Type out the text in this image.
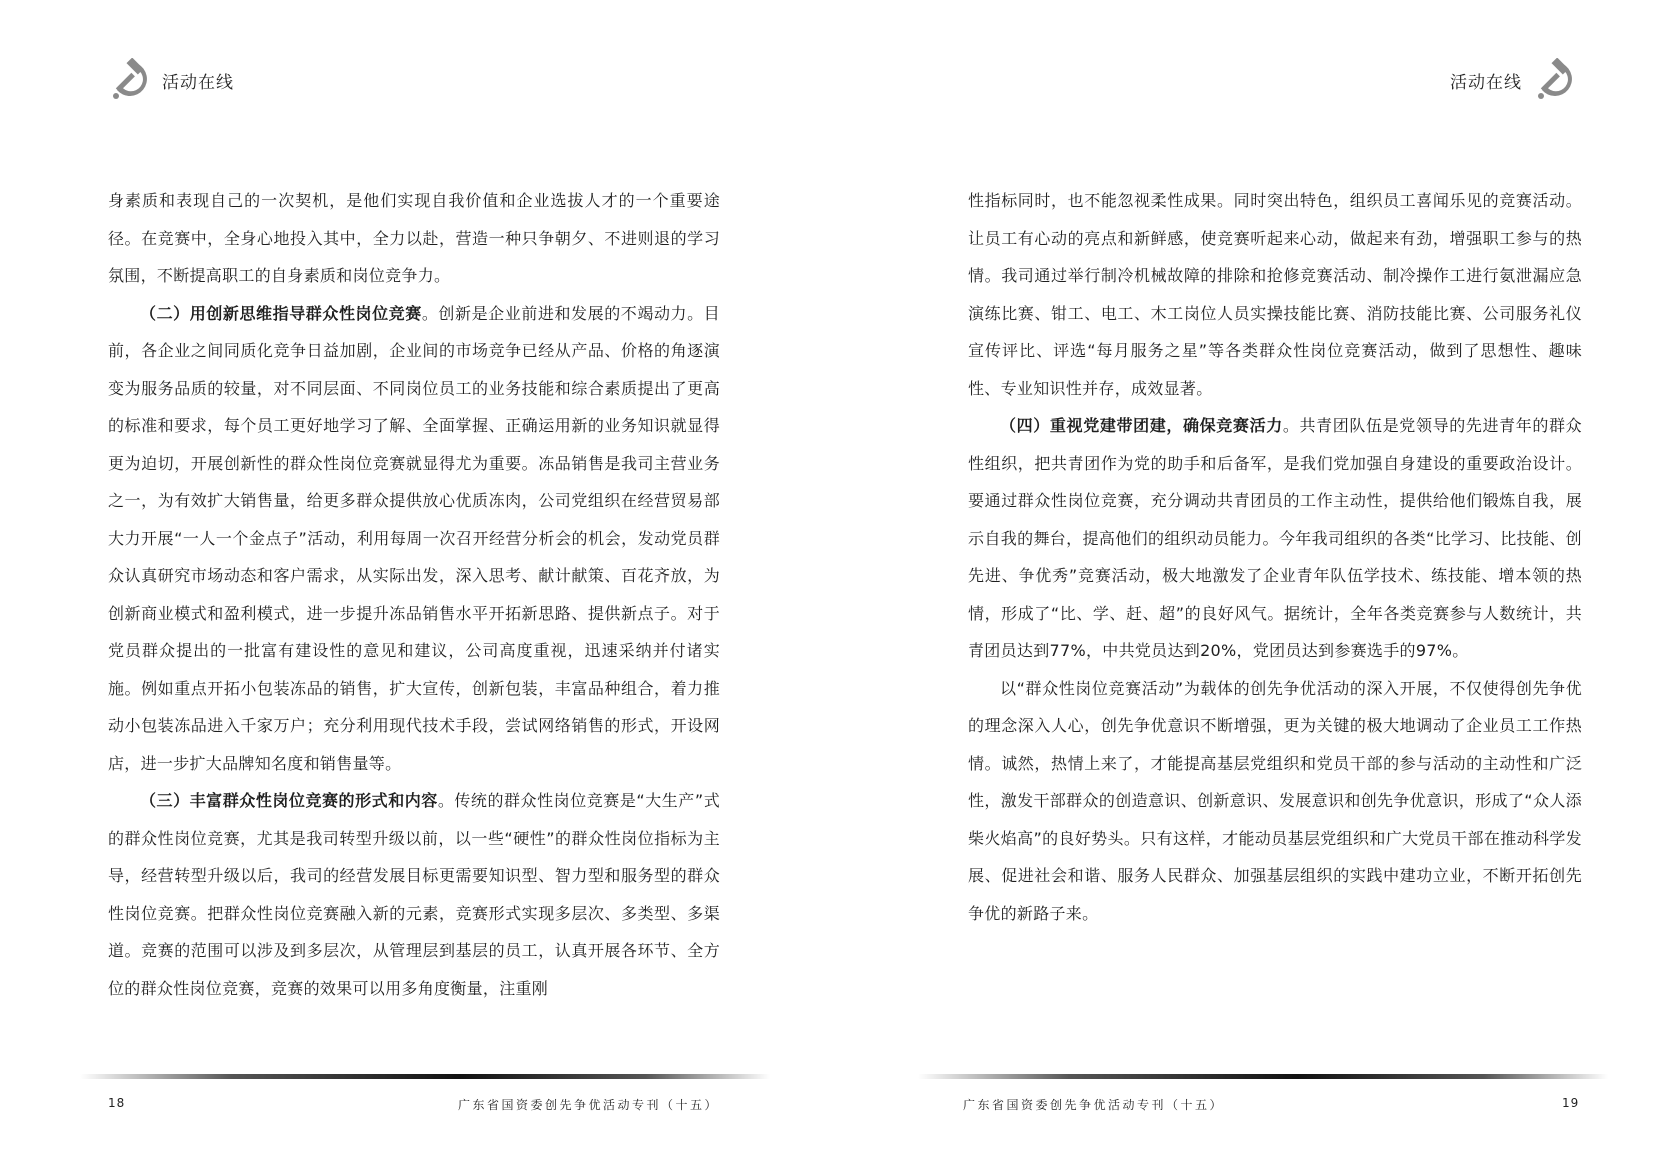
活动在线

身素质和表现自己的一次契机，是他们实现自我价值和企业选拔人才的一个重要途径。在竞赛中，全身心地投入其中，全力以赴，营造一种只争朝夕、不进则退的学习氛围，不断提高职工的自身素质和岗位竞争力。

（二）用创新思维指导群众性岗位竞赛。创新是企业前进和发展的不竭动力。目前，各企业之间同质化竞争日益加剧，企业间的市场竞争已经从产品、价格的角逐演变为服务品质的较量，对不同层面、不同岗位员工的业务技能和综合素质提出了更高的标准和要求，每个员工更好地学习了解、全面掌握、正确运用新的业务知识就显得更为迫切，开展创新性的群众性岗位竞赛就显得尤为重要。冻品销售是我司主营业务之一，为有效扩大销售量，给更多群众提供放心优质冻肉，公司党组织在经营贸易部大力开展“一人一个金点子”活动，利用每周一次召开经营分析会的机会，发动党员群众认真研究市场动态和客户需求，从实际出发，深入思考、献计献策、百花齐放，为创新商业模式和盈利模式，进一步提升冻品销售水平开拓新思路、提供新点子。对于党员群众提出的一批富有建设性的意见和建议，公司高度重视，迅速采纳并付诸实施。例如重点开拓小包装冻品的销售，扩大宣传，创新包装，丰富品种组合，着力推动小包装冻品进入千家万户；充分利用现代技术手段，尝试网络销售的形式，开设网店，进一步扩大品牌知名度和销售量等。

（三）丰富群众性岗位竞赛的形式和内容。传统的群众性岗位竞赛是“大生产”式的群众性岗位竞赛，尤其是我司转型升级以前，以一些“硬性”的群众性岗位指标为主导，经营转型升级以后，我司的经营发展目标更需要知识型、智力型和服务型的群众性岗位竞赛。把群众性岗位竞赛融入新的元素，竞赛形式实现多层次、多类型、多渠道。竞赛的范围可以涉及到多层次，从管理层到基层的员工，认真开展各环节、全方位的群众性岗位竞赛，竞赛的效果可以用多角度衡量，注重刚

18	广东省国资委创先争优活动专刊（十五）
活动在线

性指标同时，也不能忽视柔性成果。同时突出特色，组织员工喜闻乐见的竞赛活动。让员工有心动的亮点和新鲜感，使竞赛听起来心动，做起来有劲，增强职工参与的热情。我司通过举行制冷机械故障的排除和抢修竞赛活动、制冷操作工进行氨泄漏应急演练比赛、钳工、电工、木工岗位人员实操技能比赛、消防技能比赛、公司服务礼仪宣传评比、评选“每月服务之星”等各类群众性岗位竞赛活动，做到了思想性、趣味性、专业知识性并存，成效显著。

（四）重视党建带团建，确保竞赛活力。共青团队伍是党领导的先进青年的群众性组织，把共青团作为党的助手和后备军，是我们党加强自身建设的重要政治设计。要通过群众性岗位竞赛，充分调动共青团员的工作主动性，提供给他们锻炼自我，展示自我的舞台，提高他们的组织动员能力。今年我司组织的各类“比学习、比技能、创先进、争优秀”竞赛活动，极大地激发了企业青年队伍学技术、练技能、增本领的热情，形成了“比、学、赶、超”的良好风气。据统计，全年各类竞赛参与人数统计，共青团员达到77%，中共党员达到20%，党团员达到参赛选手的97%。

以“群众性岗位竞赛活动”为载体的创先争优活动的深入开展，不仅使得创先争优的理念深入人心，创先争优意识不断增强，更为关键的极大地调动了企业员工工作热情。诚然，热情上来了，才能提高基层党组织和党员干部的参与活动的主动性和广泛性，激发干部群众的创造意识、创新意识、发展意识和创先争优意识，形成了“众人添柴火焰高”的良好势头。只有这样，才能动员基层党组织和广大党员干部在推动科学发展、促进社会和谐、服务人民群众、加强基层组织的实践中建功立业，不断开拓创先争优的新路子来。

广东省国资委创先争优活动专刊（十五）	19
